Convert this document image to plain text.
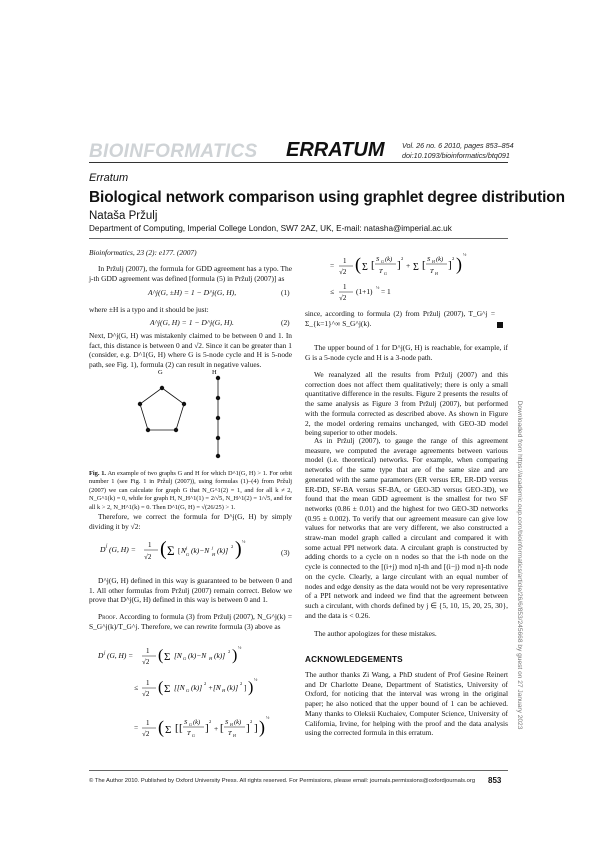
BIOINFORMATICS ERRATUM Vol. 26 no. 6 2010, pages 853–854
doi:10.1093/bioinformatics/btq091
Erratum
Biological network comparison using graphlet degree distribution
Nataša Pržulj
Department of Computing, Imperial College London, SW7 2AZ, UK, E-mail: natasha@imperial.ac.uk
Bioinformatics, 23 (2): e177. (2007)
In Pržulj (2007), the formula for GDD agreement has a typo. The j-th GDD agreement was defined [formula (5) in Pržulj (2007)] as
A^j(G, ±H) = 1 − D^j(G, H),	(1)
where ±H is a typo and it should be just:
A^j(G, H) = 1 − D^j(G, H).	(2)
Next, D^j(G, H) was mistakenly claimed to be between 0 and 1. In fact, this distance is between 0 and √2. Since it can be greater than 1 (consider, e.g. D^1(G, H) where G is 5-node cycle and H is 5-node path, see Fig. 1), formula (2) can result in negative values.
G	H
Fig. 1. An example of two graphs G and H for which D^1(G, H) > 1. For orbit number 1 (see Fig. 1 in Pržulj (2007)), using formulas (1)–(4) from Pržulj (2007) we can calculate for graph G that N_G^1(2) = 1, and for all k ≠ 2, N_G^1(k) = 0, while for graph H, N_H^1(1) = 2/√5, N_H^1(2) = 1/√5, and for all k > 2, N_H^1(k) = 0. Then D^1(G, H) = √(26/25) > 1.
Therefore, we correct the formula for D^j(G, H) by simply dividing it by √2:
D j (G, H) = 1
√2 ( Σ [ N G
j (k)−N H
j (k)] 2 ) ½
(3)
D^j(G, H) defined in this way is guaranteed to be between 0 and 1. All other formulas from Pržulj (2007) remain correct. Below we prove that D^j(G, H) defined in this way is between 0 and 1.
Proof. According to formula (3) from Pržulj (2007), N_G^j(k) = S_G^j(k)/T_G^j. Therefore, we can rewrite formula (3) above as
D j (G, H) = 1
√2 ( Σ [N G (k)−N H (k)] 2 ) ½
≤ 1
√2 ( Σ [[N G (k)] 2 +[N H (k)] 2 ] ) ½
= 1
√2 ( Σ [ [ S G (k)
T G
]
2
+ [ S H (k)
T H
]
2
] ) ½
= 1
√2 ( Σ [ S G (k)
T G
]
2
+ Σ [ S H (k)
T H
]
2 ) ½
≤ 1
√2
(1+1) ½ = 1
since, according to formula (2) from Pržulj (2007), T_G^j = Σ_{k=1}^∞ S_G^j(k).
The upper bound of 1 for D^j(G, H) is reachable, for example, if G is a 5-node cycle and H is a 3-node path.
We reanalyzed all the results from Pržulj (2007) and this correction does not affect them qualitatively; there is only a small quantitative difference in the results. Figure 2 presents the results of the same analysis as Figure 3 from Pržulj (2007), but performed with the formula corrected as described above. As shown in Figure 2, the model ordering remains unchanged, with GEO-3D model being superior to other models.
As in Pržulj (2007), to gauge the range of this agreement measure, we computed the average agreements between various model (i.e. theoretical) networks. For example, when comparing networks of the same type that are of the same size and are generated with the same parameters (ER versus ER, ER-DD versus ER-DD, SF-BA versus SF-BA, or GEO-3D versus GEO-3D), we found that the mean GDD agreement is the smallest for two SF networks (0.86 ± 0.01) and the highest for two GEO-3D networks (0.95 ± 0.002). To verify that our agreement measure can give low values for networks that are very different, we also constructed a straw-man model graph called a circulant and compared it with some actual PPI network data. A circulant graph is constructed by adding chords to a cycle on n nodes so that the i-th node on the cycle is connected to the [(i+j) mod n]-th and [(i−j) mod n]-th node on the cycle. Clearly, a large circulant with an equal number of nodes and edge density as the data would not be very representative of a PPI network and indeed we find that the agreement between such a circulant, with chords defined by j ∈ {5, 10, 15, 20, 25, 30}, and the data is < 0.26.
The author apologizes for these mistakes.
ACKNOWLEDGEMENTS
The author thanks Zi Wang, a PhD student of Prof Gesine Reinert and Dr Charlotte Deane, Department of Statistics, University of Oxford, for noticing that the interval was wrong in the original paper; he also noticed that the upper bound of 1 can be achieved. Many thanks to Oleksii Kuchaiev, Computer Science, University of California, Irvine, for helping with the proof and the data analysis using the corrected formula in this erratum.
© The Author 2010. Published by Oxford University Press. All rights reserved. For Permissions, please email: journals.permissions@oxfordjournals.org 853
Downloaded from https://academic.oup.com/bioinformatics/article/26/6/853/245668 by guest on 27 January 2023
